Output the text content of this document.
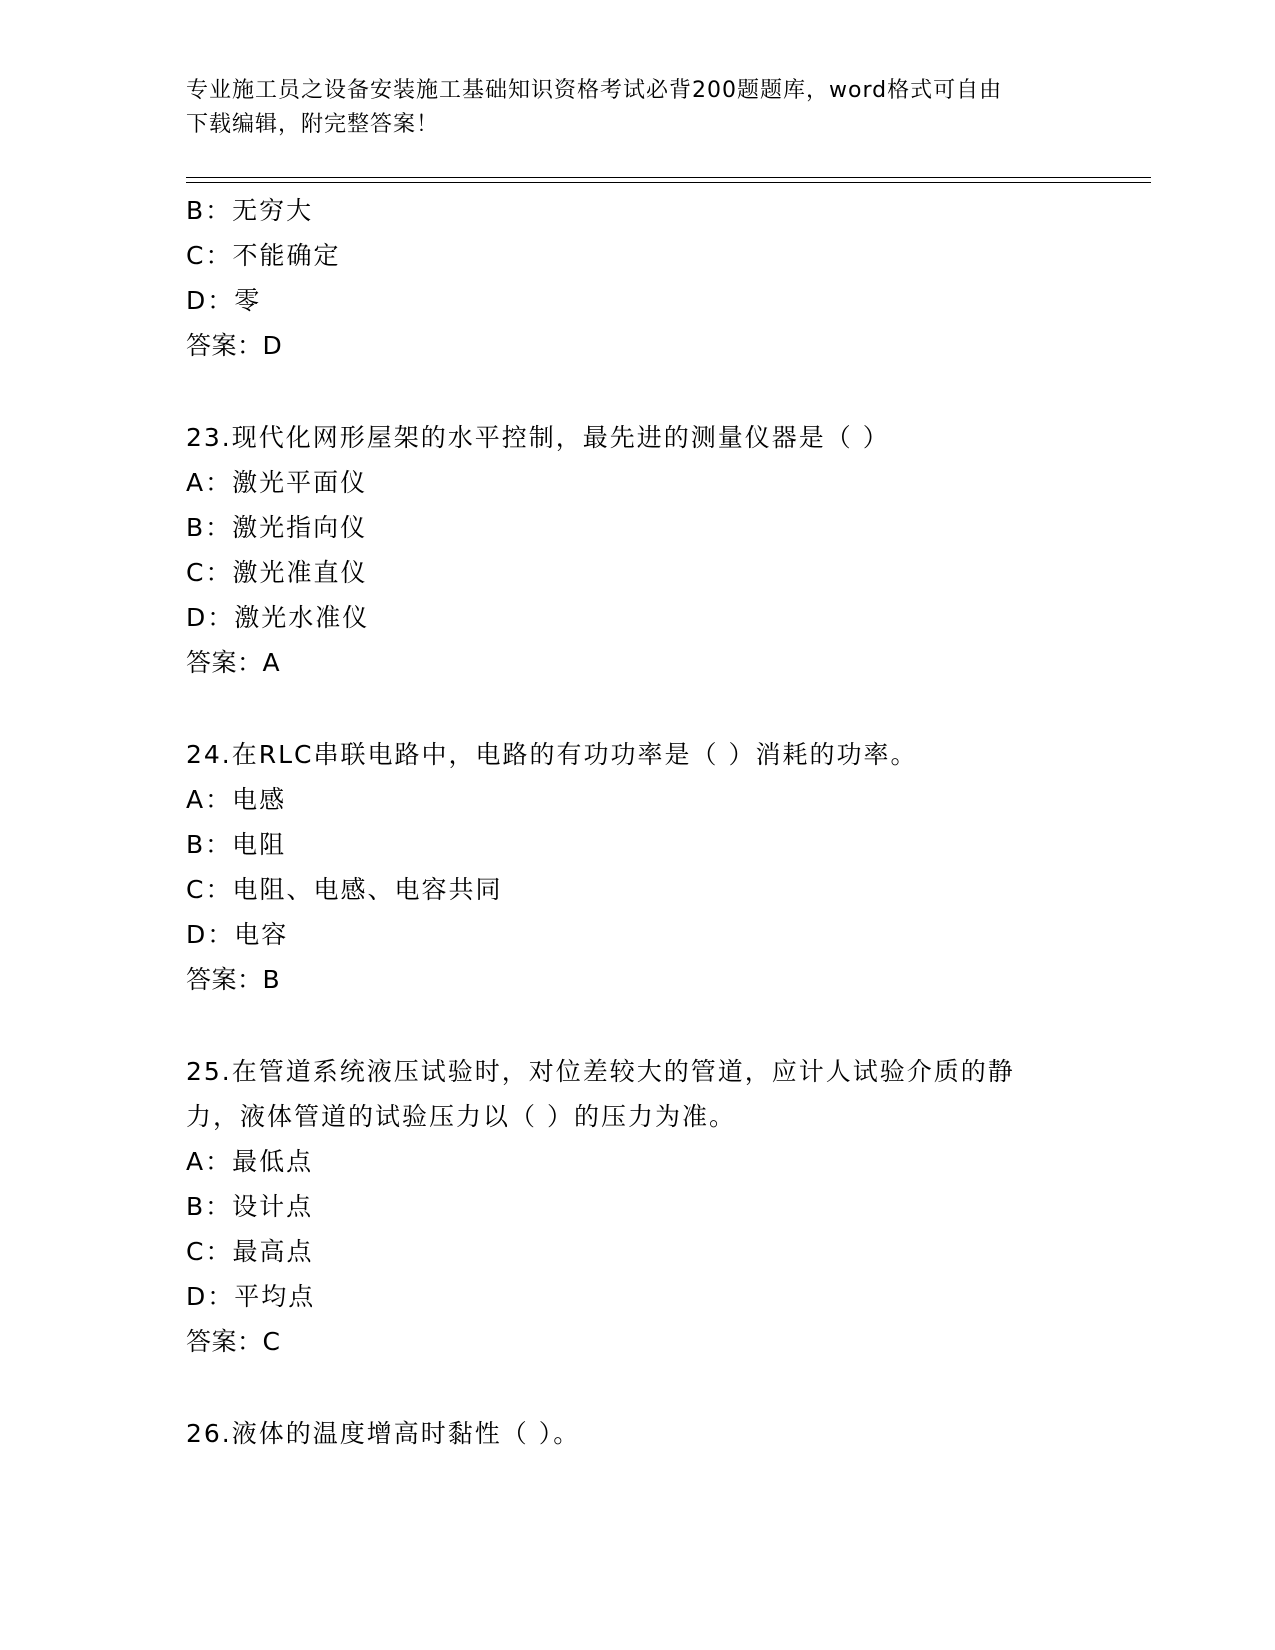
专业施工员之设备安装施工基础知识资格考试必背200题题库，word格式可自由
下载编辑，附完整答案！
B：无穷大
C：不能确定
D：零
答案：D
23.现代化网形屋架的水平控制，最先进的测量仪器是（ ）
A：激光平面仪
B：激光指向仪
C：激光准直仪
D：激光水准仪
答案：A
24.在RLC串联电路中，电路的有功功率是（ ）消耗的功率。
A：电感
B：电阻
C：电阻、电感、电容共同
D：电容
答案：B
25.在管道系统液压试验时，对位差较大的管道，应计人试验介质的静
力，液体管道的试验压力以（ ）的压力为准。
A：最低点
B：设计点
C：最高点
D：平均点
答案：C
26.液体的温度增高时黏性（ ）。
